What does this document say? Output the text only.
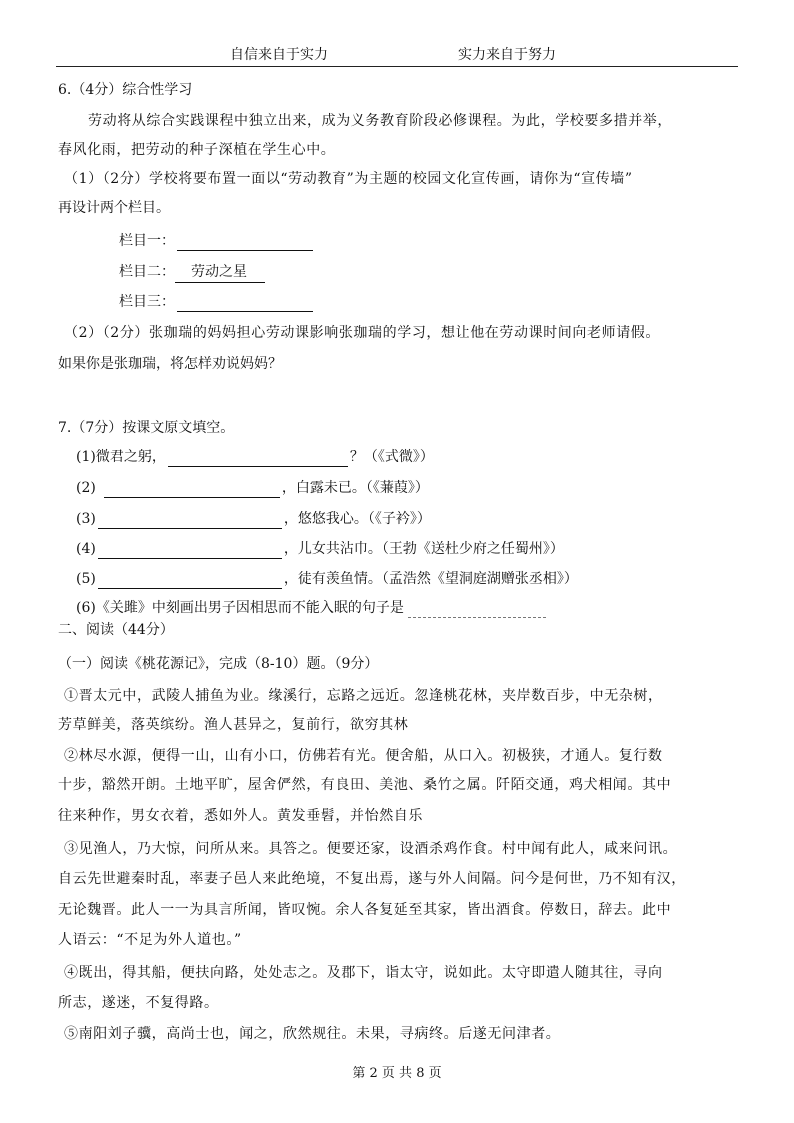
自信来自于实力	实力来自于努力
6.（4分）综合性学习
劳动将从综合实践课程中独立出来，成为义务教育阶段必修课程。为此，学校要多措并举，
春风化雨，把劳动的种子深植在学生心中。
（1）（2分）学校将要布置一面以“劳动教育”为主题的校园文化宣传画，请你为“宣传墙”
再设计两个栏目。
栏目一：
栏目二： 劳动之星
栏目三：
（2）（2分）张珈瑞的妈妈担心劳动课影响张珈瑞的学习，想让他在劳动课时间向老师请假。
如果你是张珈瑞，将怎样劝说妈妈？
7.（7分）按课文原文填空。
(1)微君之躬，	？（《式微》）
(2)	，白露未已。（《蒹葭》）
(3)	，悠悠我心。（《子衿》）
(4)	，儿女共沾巾。（王勃《送杜少府之任蜀州》）
(5)	，徒有羡鱼情。（孟浩然《望洞庭湖赠张丞相》）
(6)《关雎》中刻画出男子因相思而不能入眠的句子是
二、阅读（44分）
（一）阅读《桃花源记》，完成（8-10）题。（9分）
①晋太元中，武陵人捕鱼为业。缘溪行，忘路之远近。忽逢桃花林，夹岸数百步，中无杂树，
芳草鲜美，落英缤纷。渔人甚异之，复前行，欲穷其林
②林尽水源，便得一山，山有小口，仿佛若有光。便舍船，从口入。初极狭，才通人。复行数
十步，豁然开朗。土地平旷，屋舍俨然，有良田、美池、桑竹之属。阡陌交通，鸡犬相闻。其中
往来种作，男女衣着，悉如外人。黄发垂髫，并怡然自乐
③见渔人，乃大惊，问所从来。具答之。便要还家，设酒杀鸡作食。村中闻有此人，咸来问讯。
自云先世避秦时乱，率妻子邑人来此绝境，不复出焉，遂与外人间隔。问今是何世，乃不知有汉，
无论魏晋。此人一一为具言所闻，皆叹惋。余人各复延至其家，皆出酒食。停数日，辞去。此中
人语云：“不足为外人道也。”
④既出，得其船，便扶向路，处处志之。及郡下，诣太守，说如此。太守即遣人随其往，寻向
所志，遂迷，不复得路。
⑤南阳刘子骥，高尚士也，闻之，欣然规往。未果，寻病终。后遂无问津者。
第 2 页 共 8 页
